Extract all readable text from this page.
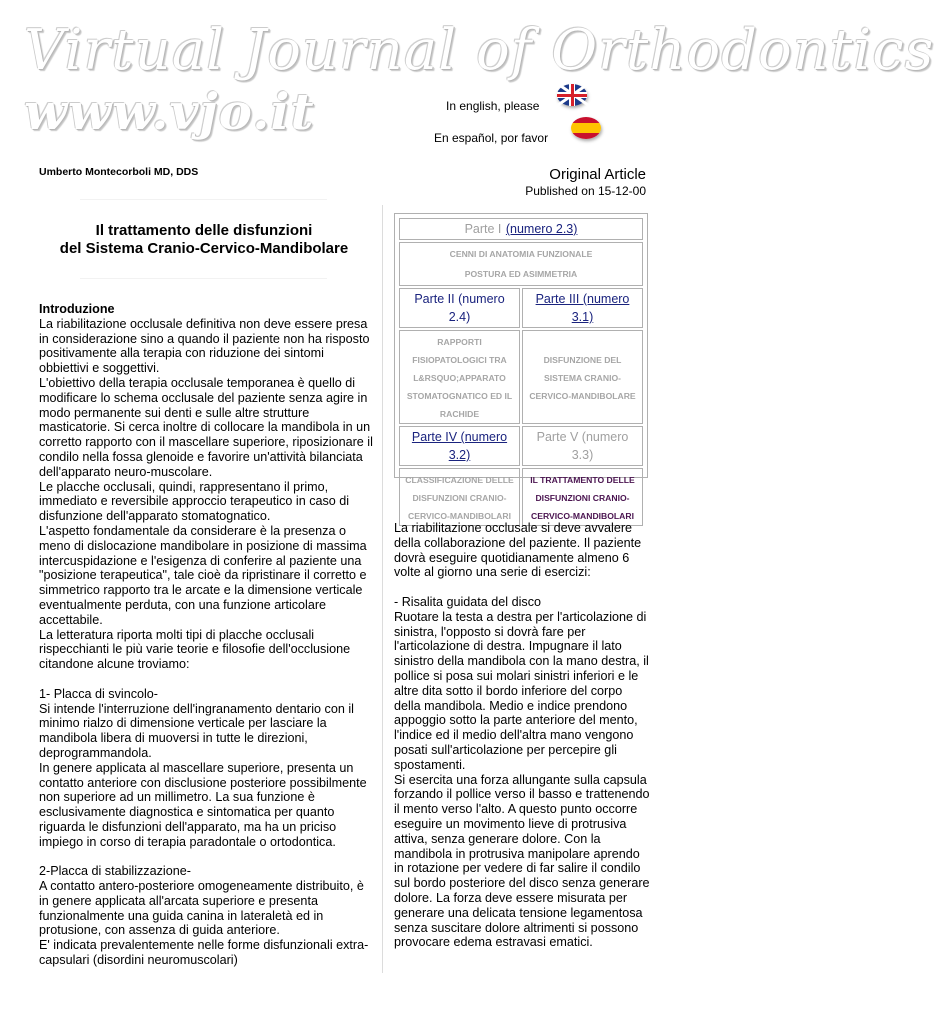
Virtual Journal of Orthodontics
www.vjo.it	In english, please
En español, por favor
Umberto Montecorboli MD, DDS	Original Article
Published on 15-12-00
Il trattamento delle disfunzioni
del Sistema Cranio-Cervico-Mandibolare

Introduzione

La riabilitazione occlusale definitiva non deve essere presa in considerazione sino a quando il paziente non ha risposto positivamente alla terapia con riduzione dei sintomi obbiettivi e soggettivi.

L'obiettivo della terapia occlusale temporanea è quello di modificare lo schema occlusale del paziente senza agire in modo permanente sui denti e sulle altre strutture masticatorie. Si cerca inoltre di collocare la mandibola in un corretto rapporto con il mascellare superiore, riposizionare il condilo nella fossa glenoide e favorire un'attività bilanciata dell'apparato neuro-muscolare.

Le placche occlusali, quindi, rappresentano il primo, immediato e reversibile approccio terapeutico in caso di disfunzione dell'apparato stomatognatico.

L'aspetto fondamentale da considerare è la presenza o meno di dislocazione mandibolare in posizione di massima intercuspidazione e l'esigenza di conferire al paziente una "posizione terapeutica", tale cioè da ripristinare il corretto e simmetrico rapporto tra le arcate e la dimensione verticale eventualmente perduta, con una funzione articolare accettabile.

La letteratura riporta molti tipi di placche occlusali rispecchianti le più varie teorie e filosofie dell'occlusione citandone alcune troviamo:

1- Placca di svincolo-

Si intende l'interruzione dell'ingranamento dentario con il minimo rialzo di dimensione verticale per lasciare la mandibola libera di muoversi in tutte le direzioni, deprogrammandola.

In genere applicata al mascellare superiore, presenta un contatto anteriore con disclusione posteriore possibilmente non superiore ad un millimetro. La sua funzione è esclusivamente diagnostica e sintomatica per quanto riguarda le disfunzioni dell'apparato, ma ha un priciso impiego in corso di terapia paradontale o ortodontica.

2-Placca di stabilizzazione-

A contatto antero-posteriore omogeneamente distribuito, è in genere applicata all'arcata superiore e presenta funzionalmente una guida canina in lateraletà ed in protusione, con assenza di guida anteriore.

E' indicata prevalentemente nelle forme disfunzionali extra-capsulari (disordini neuromuscolari)

Parte I (numero 2.3)	

CENNI DI ANATOMIA FUNZIONALE
POSTURA ED ASIMMETRIA	

Parte II (numero 2.4)	Parte III (numero 3.1)
RAPPORTI FISIOPATOLOGICI TRA L&RSQUO;APPARATO STOMATOGNATICO ED IL RACHIDE	DISFUNZIONE DEL SISTEMA CRANIO-CERVICO-MANDIBOLARE
Parte IV (numero 3.2)	Parte V (numero 3.3)
CLASSIFICAZIONE DELLE DISFUNZIONI CRANIO-CERVICO-MANDIBOLARI	IL TRATTAMENTO DELLE DISFUNZIONI CRANIO-CERVICO-MANDIBOLARI

La riabilitazione occlusale si deve avvalere della collaborazione del paziente. Il paziente dovrà eseguire quotidianamente almeno 6 volte al giorno una serie di esercizi:

- Risalita guidata del disco

Ruotare la testa a destra per l'articolazione di sinistra, l'opposto si dovrà fare per l'articolazione di destra. Impugnare il lato sinistro della mandibola con la mano destra, il pollice si posa sui molari sinistri inferiori e le altre dita sotto il bordo inferiore del corpo della mandibola. Medio e indice prendono appoggio sotto la parte anteriore del mento, l'indice ed il medio dell'altra mano vengono posati sull'articolazione per percepire gli spostamenti.

Si esercita una forza allungante sulla capsula forzando il pollice verso il basso e trattenendo il mento verso l'alto. A questo punto occorre eseguire un movimento lieve di protrusiva attiva, senza generare dolore. Con la mandibola in protrusiva manipolare aprendo in rotazione per vedere di far salire il condilo sul bordo posteriore del disco senza generare dolore. La forza deve essere misurata per generare una delicata tensione legamentosa senza suscitare dolore altrimenti si possono provocare edema estravasi ematici.
